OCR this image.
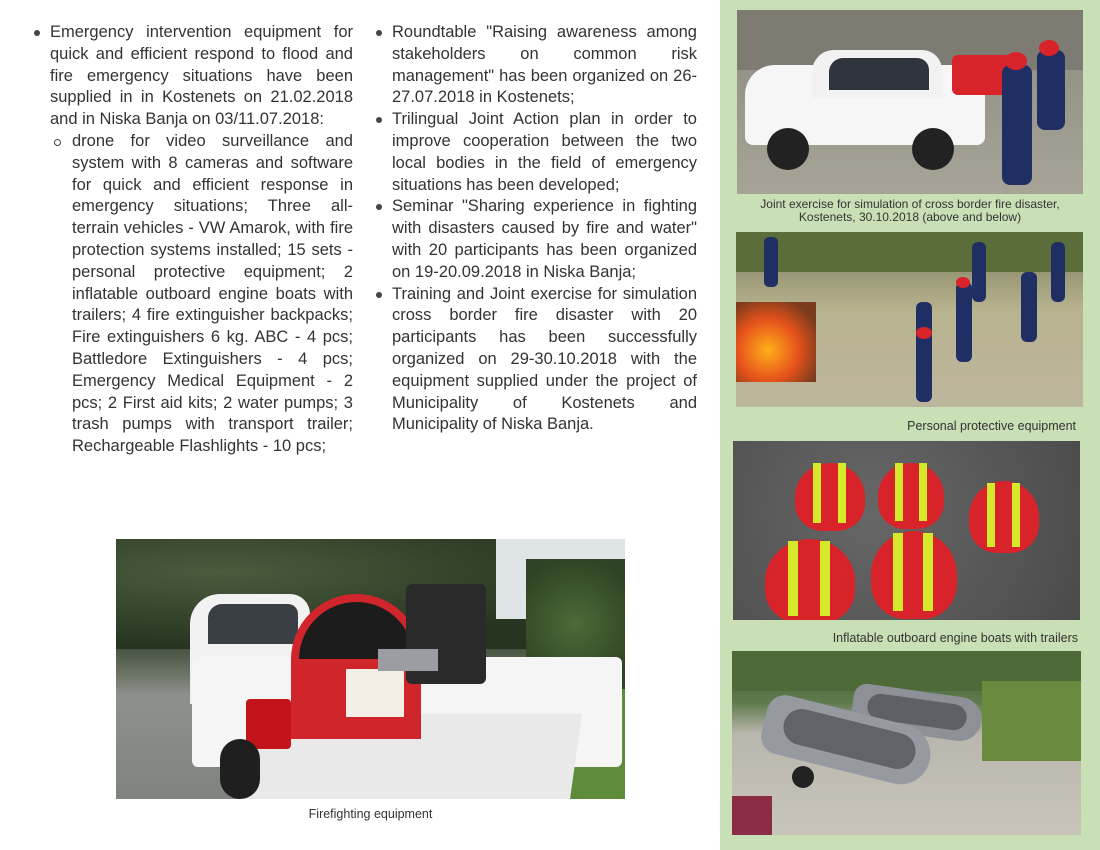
Emergency intervention equipment for quick and efficient respond to flood and fire emergency situations have been supplied in in Kostenets on 21.02.2018 and in Niska Banja on 03/11.07.2018:
drone for video surveillance and system with 8 cameras and software for quick and efficient response in emergency situations; Three all-terrain vehicles - VW Amarok, with fire protection systems installed; 15 sets - personal protective equipment; 2 inflatable outboard engine boats with trailers; 4 fire extinguisher backpacks; Fire extinguishers 6 kg. ABC - 4 pcs; Battledore Extinguishers - 4 pcs; Emergency Medical Equipment - 2 pcs; 2 First aid kits; 2 water pumps; 3 trash pumps with transport trailer; Rechargeable Flashlights - 10 pcs;
Roundtable "Raising awareness among stakeholders on common risk management" has been organized on 26-27.07.2018 in Kostenets;
Trilingual Joint Action plan in order to improve cooperation between the two local bodies in the field of emergency situations has been developed;
Seminar "Sharing experience in fighting with disasters caused by fire and water" with 20 participants has been organized on 19-20.09.2018 in Niska Banja;
Training and Joint exercise for simulation cross border fire disaster with 20 participants has been successfully organized on 29-30.10.2018 with the equipment supplied under the project of Municipality of Kostenets and Municipality of Niska Banja.
Firefighting equipment
Joint exercise for simulation of cross border fire disaster, Kostenets, 30.10.2018 (above and below)
Personal protective equipment
Inflatable outboard engine boats with trailers
